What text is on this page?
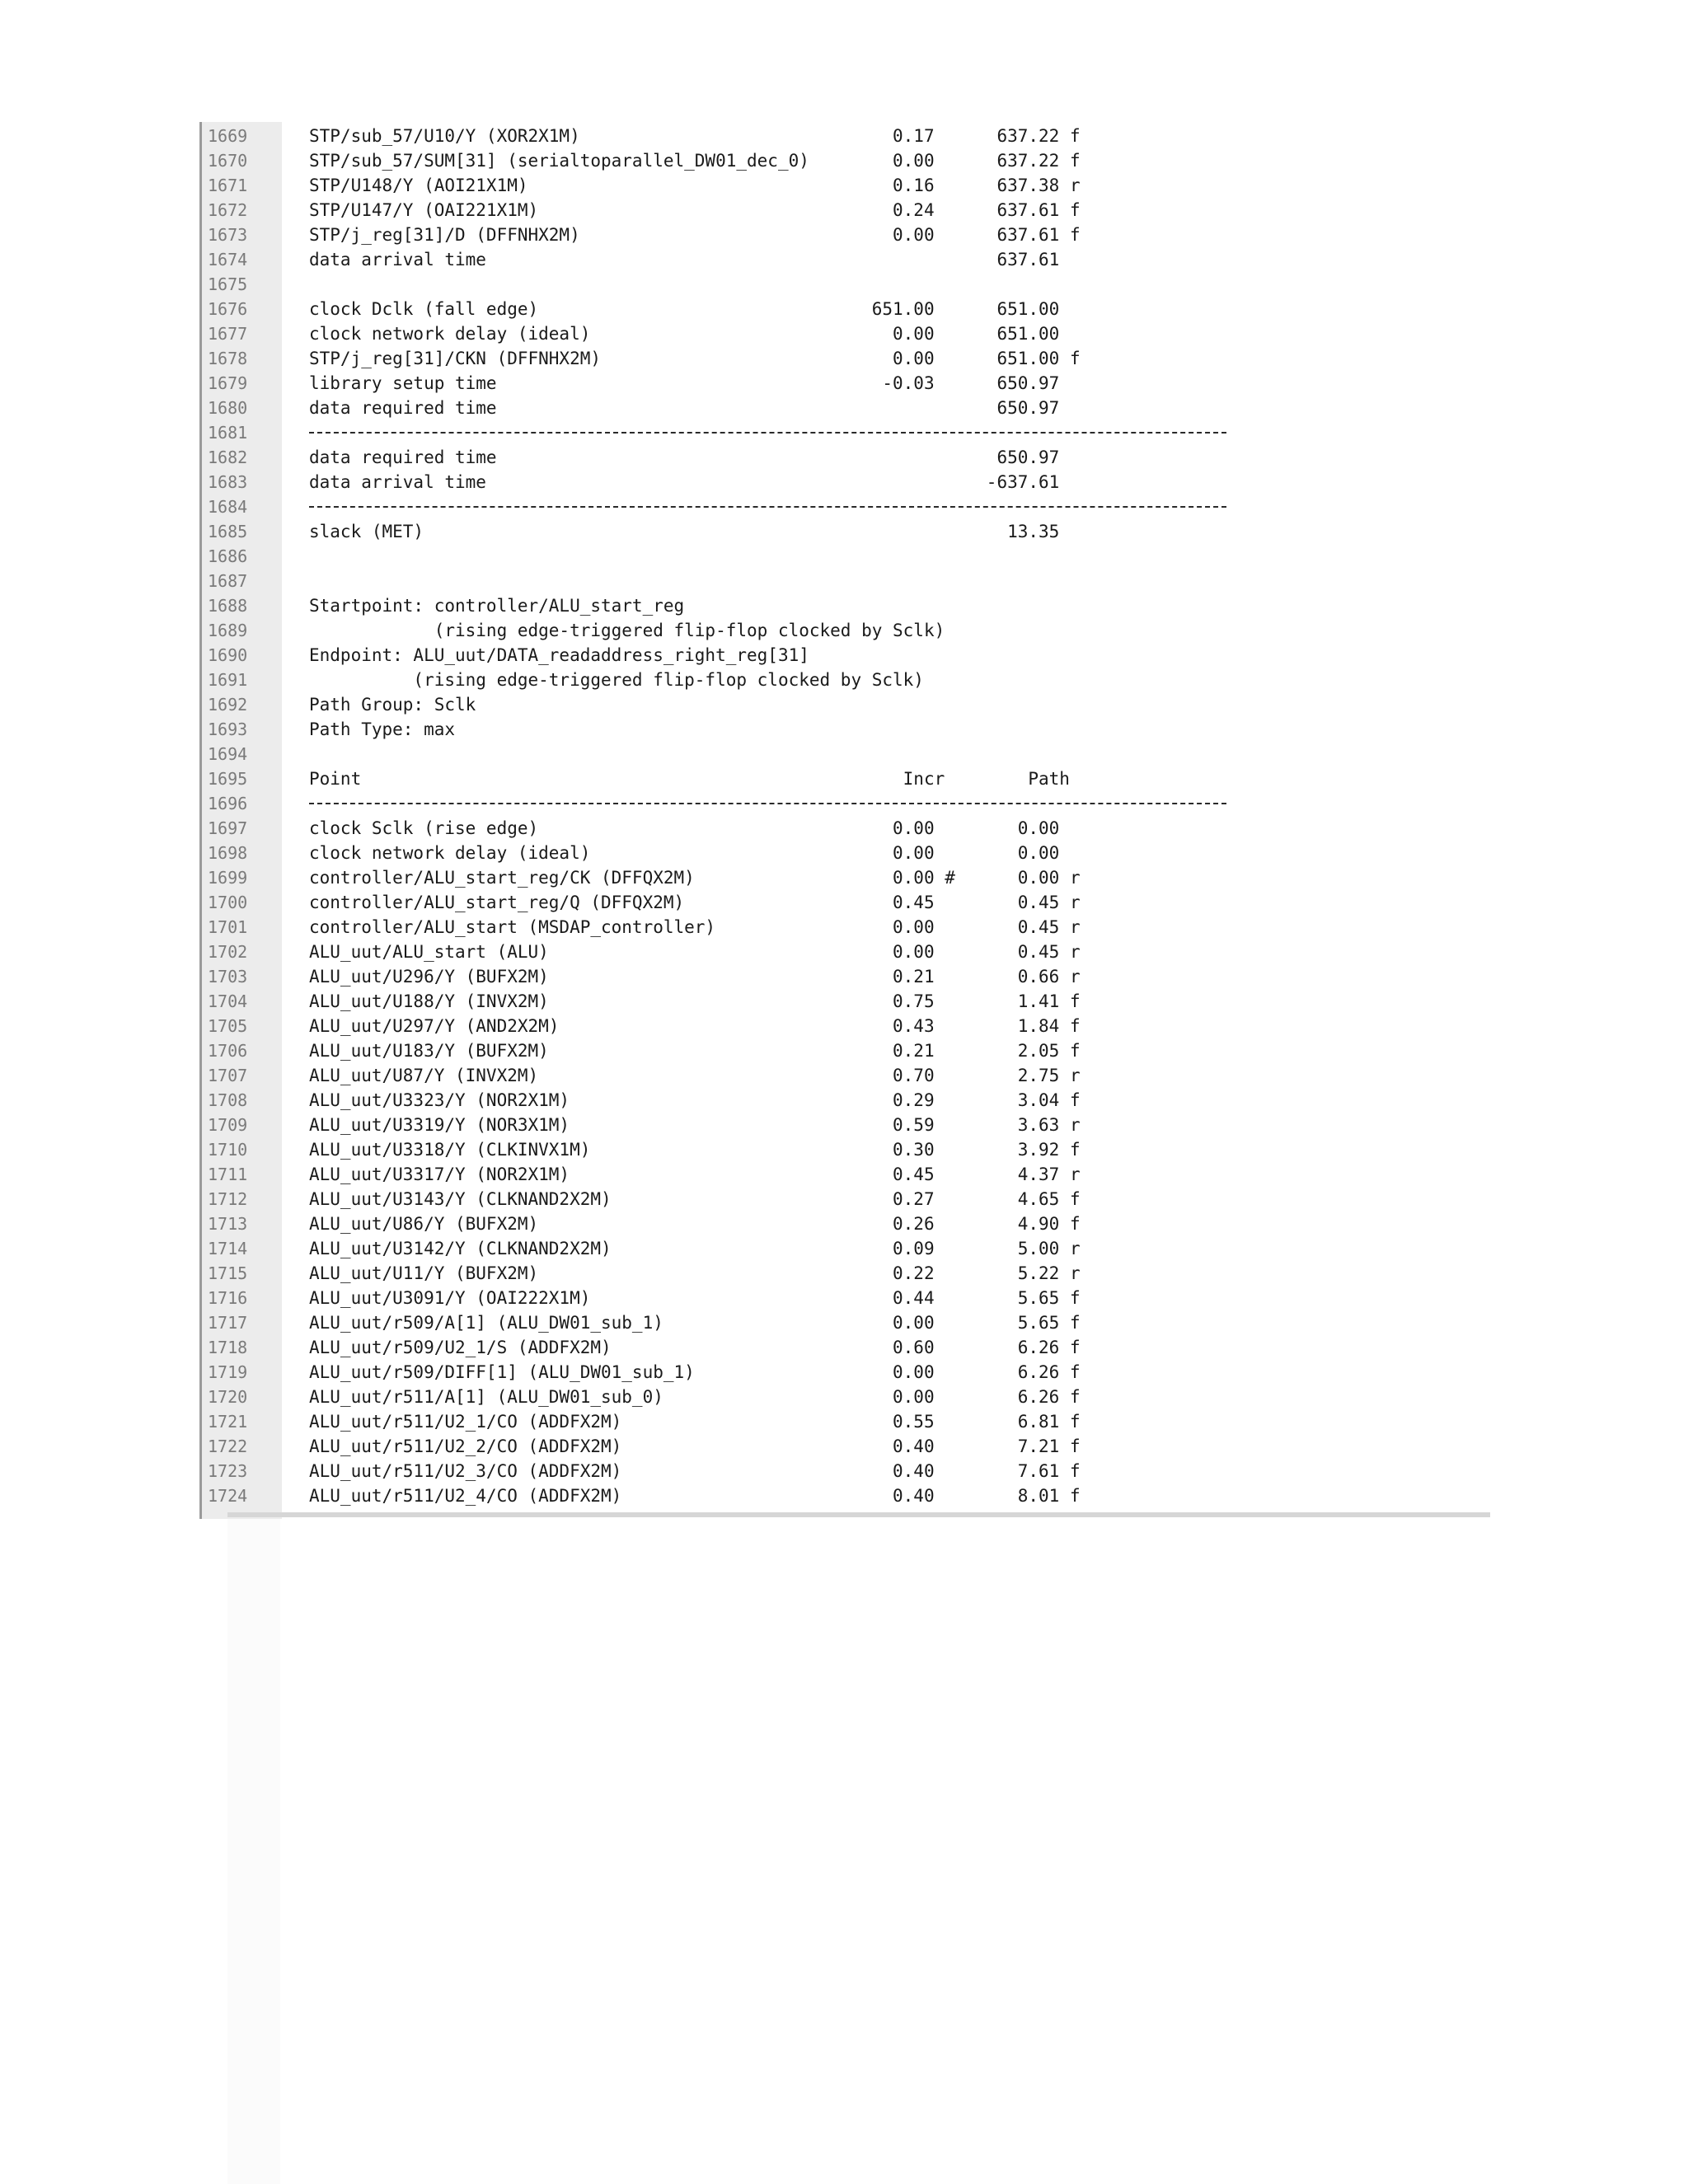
1669	STP/sub_57/U10/Y (XOR2X1M)                              0.17      637.22 f
1670	STP/sub_57/SUM[31] (serialtoparallel_DW01_dec_0)        0.00      637.22 f
1671	STP/U148/Y (AOI21X1M)                                   0.16      637.38 r
1672	STP/U147/Y (OAI221X1M)                                  0.24      637.61 f
1673	STP/j_reg[31]/D (DFFNHX2M)                              0.00      637.61 f
1674	data arrival time                                                 637.61
1675
1676	clock Dclk (fall edge)                                651.00      651.00
1677	clock network delay (ideal)                             0.00      651.00
1678	STP/j_reg[31]/CKN (DFFNHX2M)                            0.00      651.00 f
1679	library setup time                                     -0.03      650.97
1680	data required time                                                650.97
1681
1682	data required time                                                650.97
1683	data arrival time                                                -637.61
1684
1685	slack (MET)                                                        13.35
1686
1687
1688	Startpoint: controller/ALU_start_reg
1689	(rising edge-triggered flip-flop clocked by Sclk)
1690	Endpoint: ALU_uut/DATA_readaddress_right_reg[31]
1691	(rising edge-triggered flip-flop clocked by Sclk)
1692	Path Group: Sclk
1693	Path Type: max
1694
1695	Point                                                    Incr        Path
1696
1697	clock Sclk (rise edge)                                  0.00        0.00
1698	clock network delay (ideal)                             0.00        0.00
1699	controller/ALU_start_reg/CK (DFFQX2M)                   0.00 #      0.00 r
1700	controller/ALU_start_reg/Q (DFFQX2M)                    0.45        0.45 r
1701	controller/ALU_start (MSDAP_controller)                 0.00        0.45 r
1702	ALU_uut/ALU_start (ALU)                                 0.00        0.45 r
1703	ALU_uut/U296/Y (BUFX2M)                                 0.21        0.66 r
1704	ALU_uut/U188/Y (INVX2M)                                 0.75        1.41 f
1705	ALU_uut/U297/Y (AND2X2M)                                0.43        1.84 f
1706	ALU_uut/U183/Y (BUFX2M)                                 0.21        2.05 f
1707	ALU_uut/U87/Y (INVX2M)                                  0.70        2.75 r
1708	ALU_uut/U3323/Y (NOR2X1M)                               0.29        3.04 f
1709	ALU_uut/U3319/Y (NOR3X1M)                               0.59        3.63 r
1710	ALU_uut/U3318/Y (CLKINVX1M)                             0.30        3.92 f
1711	ALU_uut/U3317/Y (NOR2X1M)                               0.45        4.37 r
1712	ALU_uut/U3143/Y (CLKNAND2X2M)                           0.27        4.65 f
1713	ALU_uut/U86/Y (BUFX2M)                                  0.26        4.90 f
1714	ALU_uut/U3142/Y (CLKNAND2X2M)                           0.09        5.00 r
1715	ALU_uut/U11/Y (BUFX2M)                                  0.22        5.22 r
1716	ALU_uut/U3091/Y (OAI222X1M)                             0.44        5.65 f
1717	ALU_uut/r509/A[1] (ALU_DW01_sub_1)                      0.00        5.65 f
1718	ALU_uut/r509/U2_1/S (ADDFX2M)                           0.60        6.26 f
1719	ALU_uut/r509/DIFF[1] (ALU_DW01_sub_1)                   0.00        6.26 f
1720	ALU_uut/r511/A[1] (ALU_DW01_sub_0)                      0.00        6.26 f
1721	ALU_uut/r511/U2_1/CO (ADDFX2M)                          0.55        6.81 f
1722	ALU_uut/r511/U2_2/CO (ADDFX2M)                          0.40        7.21 f
1723	ALU_uut/r511/U2_3/CO (ADDFX2M)                          0.40        7.61 f
1724	ALU_uut/r511/U2_4/CO (ADDFX2M)                          0.40        8.01 f
